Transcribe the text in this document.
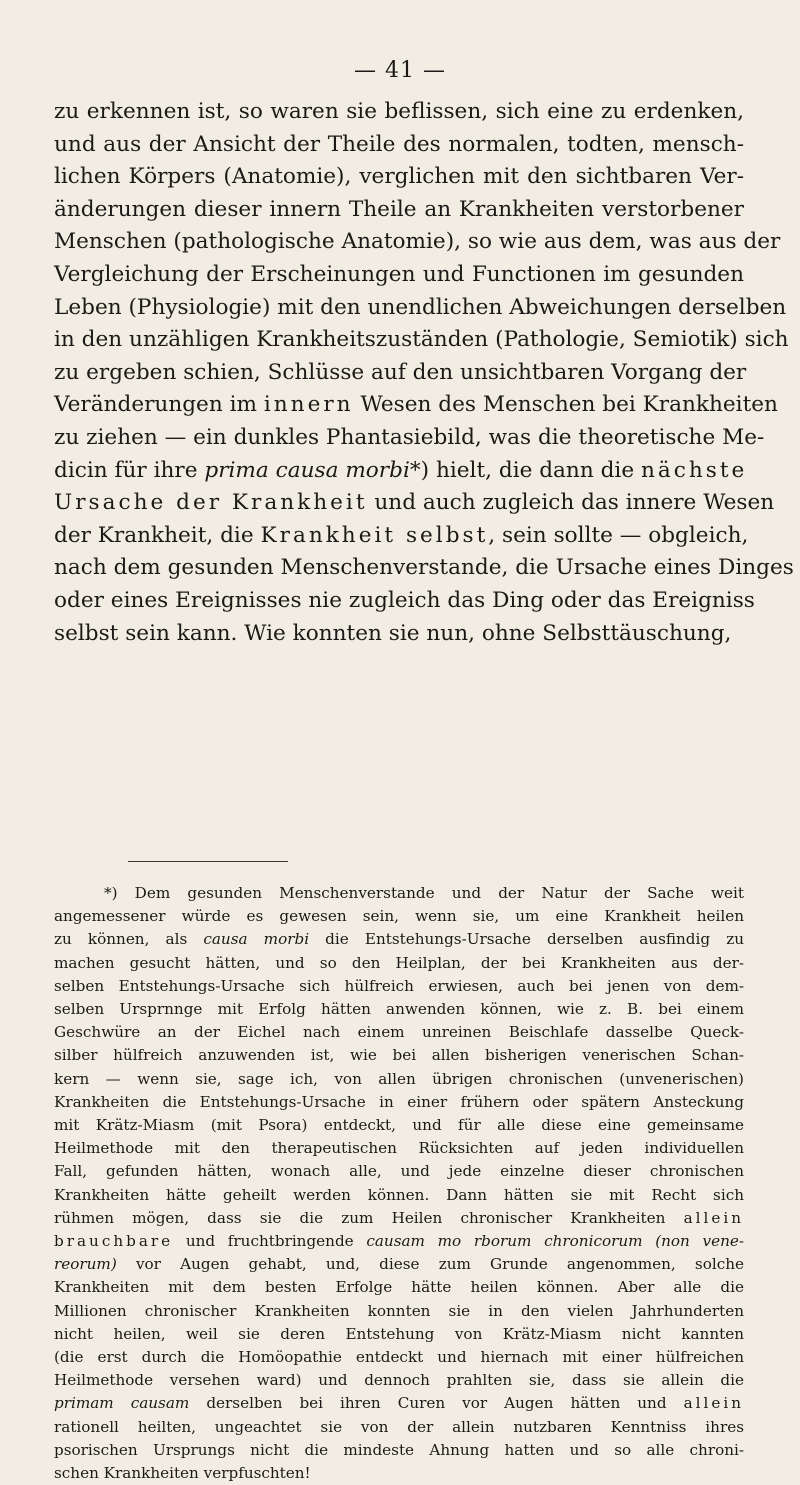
— 41 —
zu erkennen ist, so waren sie beflissen, sich eine zu erdenken,
und aus der Ansicht der Theile des normalen, todten, mensch-
lichen Körpers (Anatomie), verglichen mit den sichtbaren Ver-
änderungen dieser innern Theile an Krankheiten verstorbener
Menschen (pathologische Anatomie), so wie aus dem, was aus der
Vergleichung der Erscheinungen und Functionen im gesunden
Leben (Physiologie) mit den unendlichen Abweichungen derselben
in den unzähligen Krankheitszuständen (Pathologie, Semiotik) sich
zu ergeben schien, Schlüsse auf den unsichtbaren Vorgang der
Veränderungen im innern Wesen des Menschen bei Krankheiten
zu ziehen — ein dunkles Phantasiebild, was die theoretische Me-
dicin für ihre prima causa morbi*) hielt, die dann die nächste
Ursache der Krankheit und auch zugleich das innere Wesen
der Krankheit, die Krankheit selbst, sein sollte — obgleich,
nach dem gesunden Menschenverstande, die Ursache eines Dinges
oder eines Ereignisses nie zugleich das Ding oder das Ereigniss
selbst sein kann. Wie konnten sie nun, ohne Selbsttäuschung,
*) Dem gesunden Menschenverstande und der Natur der Sache weit
angemessener würde es gewesen sein, wenn sie, um eine Krankheit heilen
zu können, als causa morbi die Entstehungs-Ursache derselben ausfindig zu
machen gesucht hätten, und so den Heilplan, der bei Krankheiten aus der-
selben Entstehungs-Ursache sich hülfreich erwiesen, auch bei jenen von dem-
selben Ursprnnge mit Erfolg hätten anwenden können, wie z. B. bei einem
Geschwüre an der Eichel nach einem unreinen Beischlafe dasselbe Queck-
silber hülfreich anzuwenden ist, wie bei allen bisherigen venerischen Schan-
kern — wenn sie, sage ich, von allen übrigen chronischen (unvenerischen)
Krankheiten die Entstehungs-Ursache in einer frühern oder spätern Ansteckung
mit Krätz-Miasm (mit Psora) entdeckt, und für alle diese eine gemeinsame
Heilmethode mit den therapeutischen Rücksichten auf jeden individuellen
Fall, gefunden hätten, wonach alle, und jede einzelne dieser chronischen
Krankheiten hätte geheilt werden können. Dann hätten sie mit Recht sich
rühmen mögen, dass sie die zum Heilen chronischer Krankheiten allein
brauchbare und fruchtbringende causam mo rborum chronicorum (non vene-
reorum) vor Augen gehabt, und, diese zum Grunde angenommen, solche
Krankheiten mit dem besten Erfolge hätte heilen können. Aber alle die
Millionen chronischer Krankheiten konnten sie in den vielen Jahrhunderten
nicht heilen, weil sie deren Entstehung von Krätz-Miasm nicht kannten
(die erst durch die Homöopathie entdeckt und hiernach mit einer hülfreichen
Heilmethode versehen ward) und dennoch prahlten sie, dass sie allein die
primam causam derselben bei ihren Curen vor Augen hätten und allein
rationell heilten, ungeachtet sie von der allein nutzbaren Kenntniss ihres
psorischen Ursprungs nicht die mindeste Ahnung hatten und so alle chroni-
schen Krankheiten verpfuschten!
